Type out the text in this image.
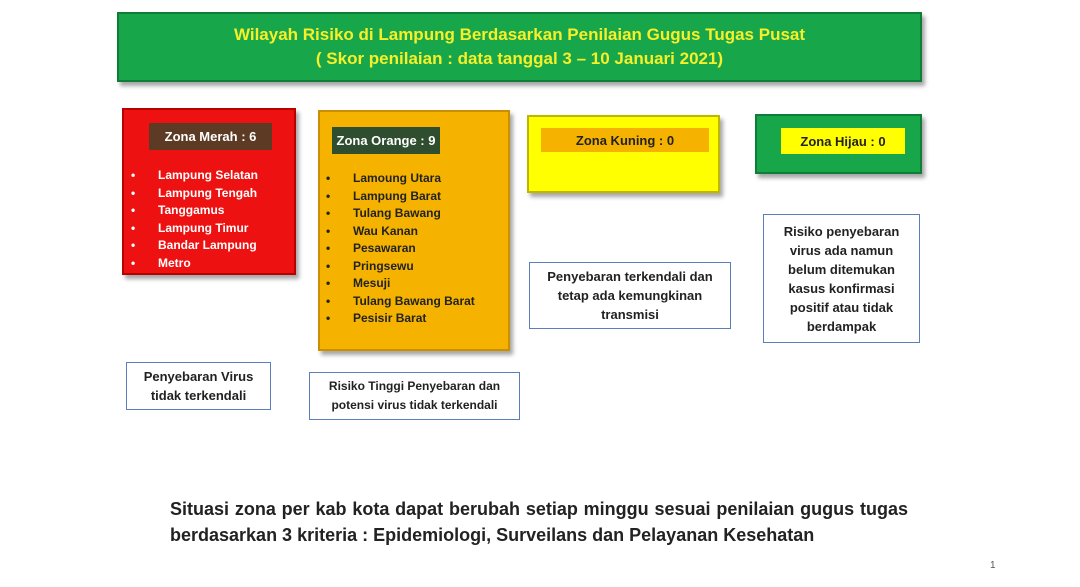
Wilayah Risiko di Lampung Berdasarkan Penilaian Gugus Tugas Pusat
( Skor penilaian : data tanggal 3 – 10 Januari 2021)
Zona Merah : 6
• Lampung Selatan
• Lampung Tengah
• Tanggamus
• Lampung Timur
• Bandar Lampung
• Metro
Zona Orange : 9
• Lamoung Utara
• Lampung Barat
• Tulang Bawang
• Wau Kanan
• Pesawaran
• Pringsewu
• Mesuji
• Tulang Bawang Barat
• Pesisir Barat
Zona Kuning : 0	Zona Hijau : 0
Penyebaran Virus
tidak terkendali
Risiko Tinggi Penyebaran dan
potensi virus tidak terkendali
Penyebaran terkendali dan
tetap ada kemungkinan
transmisi
Risiko penyebaran
virus ada namun
belum ditemukan
kasus konfirmasi
positif atau tidak
berdampak
Situasi zona per kab kota dapat berubah setiap minggu sesuai penilaian gugus tugas berdasarkan 3 kriteria : Epidemiologi, Surveilans dan Pelayanan Kesehatan
1
